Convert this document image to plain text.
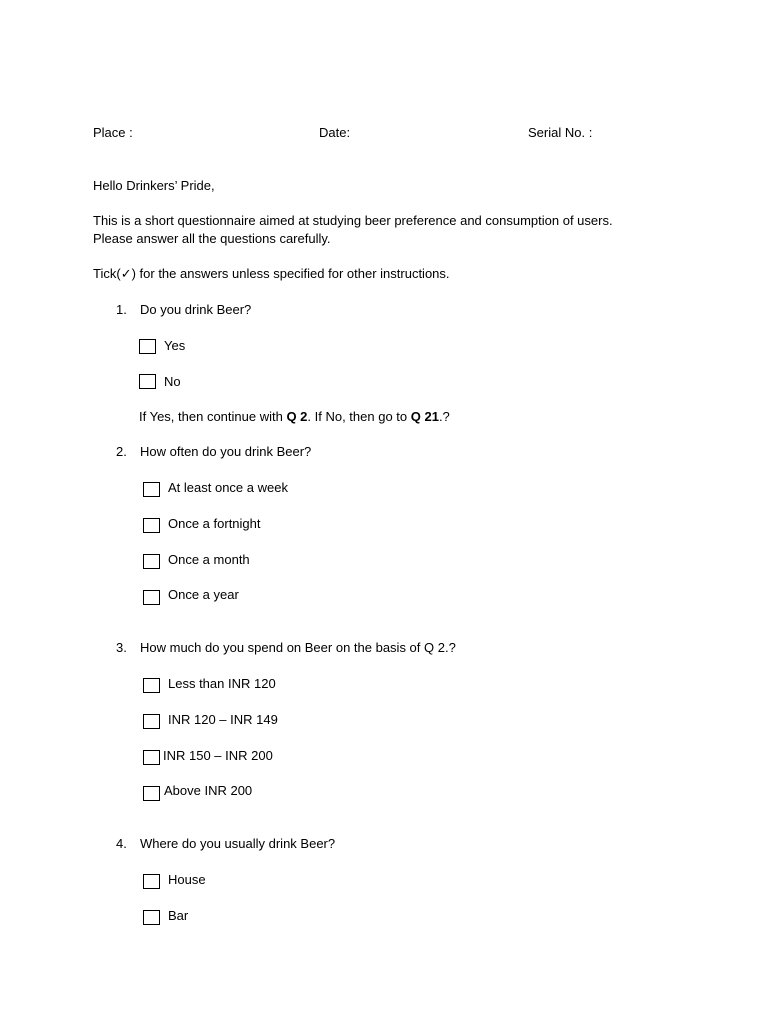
Place :	Date:	Serial No. :
Hello Drinkers’ Pride,
This is a short questionnaire aimed at studying beer preference and consumption of users.
Please answer all the questions carefully.
Tick(✓) for the answers unless specified for other instructions.
1. Do you drink Beer?
Yes
No
If Yes, then continue with Q 2. If No, then go to Q 21.?
2. How often do you drink Beer?
At least once a week
Once a fortnight
Once a month
Once a year
3. How much do you spend on Beer on the basis of Q 2.?
Less than INR 120
INR 120 – INR 149
INR 150 – INR 200
Above INR 200
4. Where do you usually drink Beer?
House
Bar
